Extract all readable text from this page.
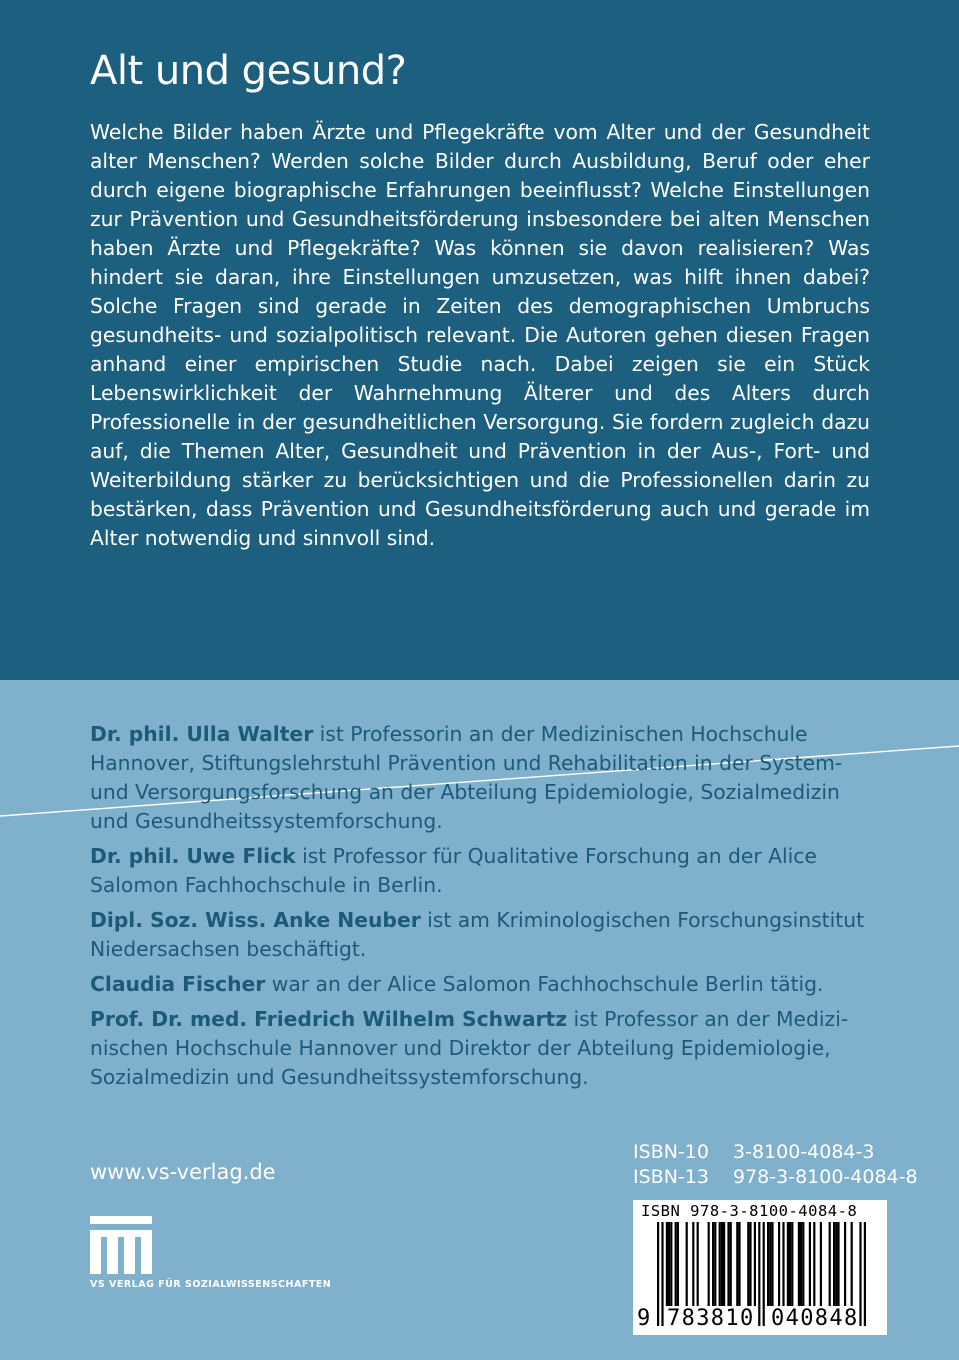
Alt und gesund?

Welche Bilder haben Ärzte und Pflegekräfte vom Alter und der Gesundheit alter Menschen? Werden solche Bilder durch Ausbildung, Beruf oder eher durch eigene biographische Erfahrungen beeinflusst? Welche Einstellungen zur Prävention und Gesundheitsförderung insbesondere bei alten Menschen haben Ärzte und Pflegekräfte? Was können sie davon realisieren? Was hindert sie daran, ihre Einstellungen umzusetzen, was hilft ihnen dabei? Solche Fragen sind gerade in Zeiten des demographischen Umbruchs gesundheits- und sozialpolitisch relevant. Die Autoren gehen diesen Fragen anhand einer empirischen Studie nach. Dabei zeigen sie ein Stück Lebenswirklichkeit der Wahrnehmung Älterer und des Alters durch Professionelle in der gesundheitlichen Versorgung. Sie fordern zugleich dazu auf, die Themen Alter, Gesundheit und Prävention in der Aus-, Fort- und Weiterbildung stärker zu berücksichtigen und die Professionellen darin zu bestärken, dass Prävention und Gesundheitsförderung auch und gerade im Alter notwendig und sinnvoll sind.

Dr. phil. Ulla Walter ist Professorin an der Medizinischen Hochschule Hannover, Stiftungslehrstuhl Prävention und Rehabilitation in der System- und Versorgungsforschung an der Abteilung Epidemiologie, Sozialmedizin und Gesundheitssystemforschung.

Dr. phil. Uwe Flick ist Professor für Qualitative Forschung an der Alice Salomon Fachhochschule in Berlin.

Dipl. Soz. Wiss. Anke Neuber ist am Kriminologischen Forschungsinstitut Niedersachsen beschäftigt.

Claudia Fischer war an der Alice Salomon Fachhochschule Berlin tätig.

Prof. Dr. med. Friedrich Wilhelm Schwartz ist Professor an der Medizinischen Hochschule Hannover und Direktor der Abteilung Epidemiologie, Sozialmedizin und Gesundheitssystemforschung.

www.vs-verlag.de
VS VERLAG FÜR SOZIALWISSENSCHAFTEN
ISBN-10 3-8100-4084-3
ISBN-13 978-3-8100-4084-8
ISBN 978-3-8100-4084-8
9 7 8 3 8 1 0 0 4 0 8 4 8
